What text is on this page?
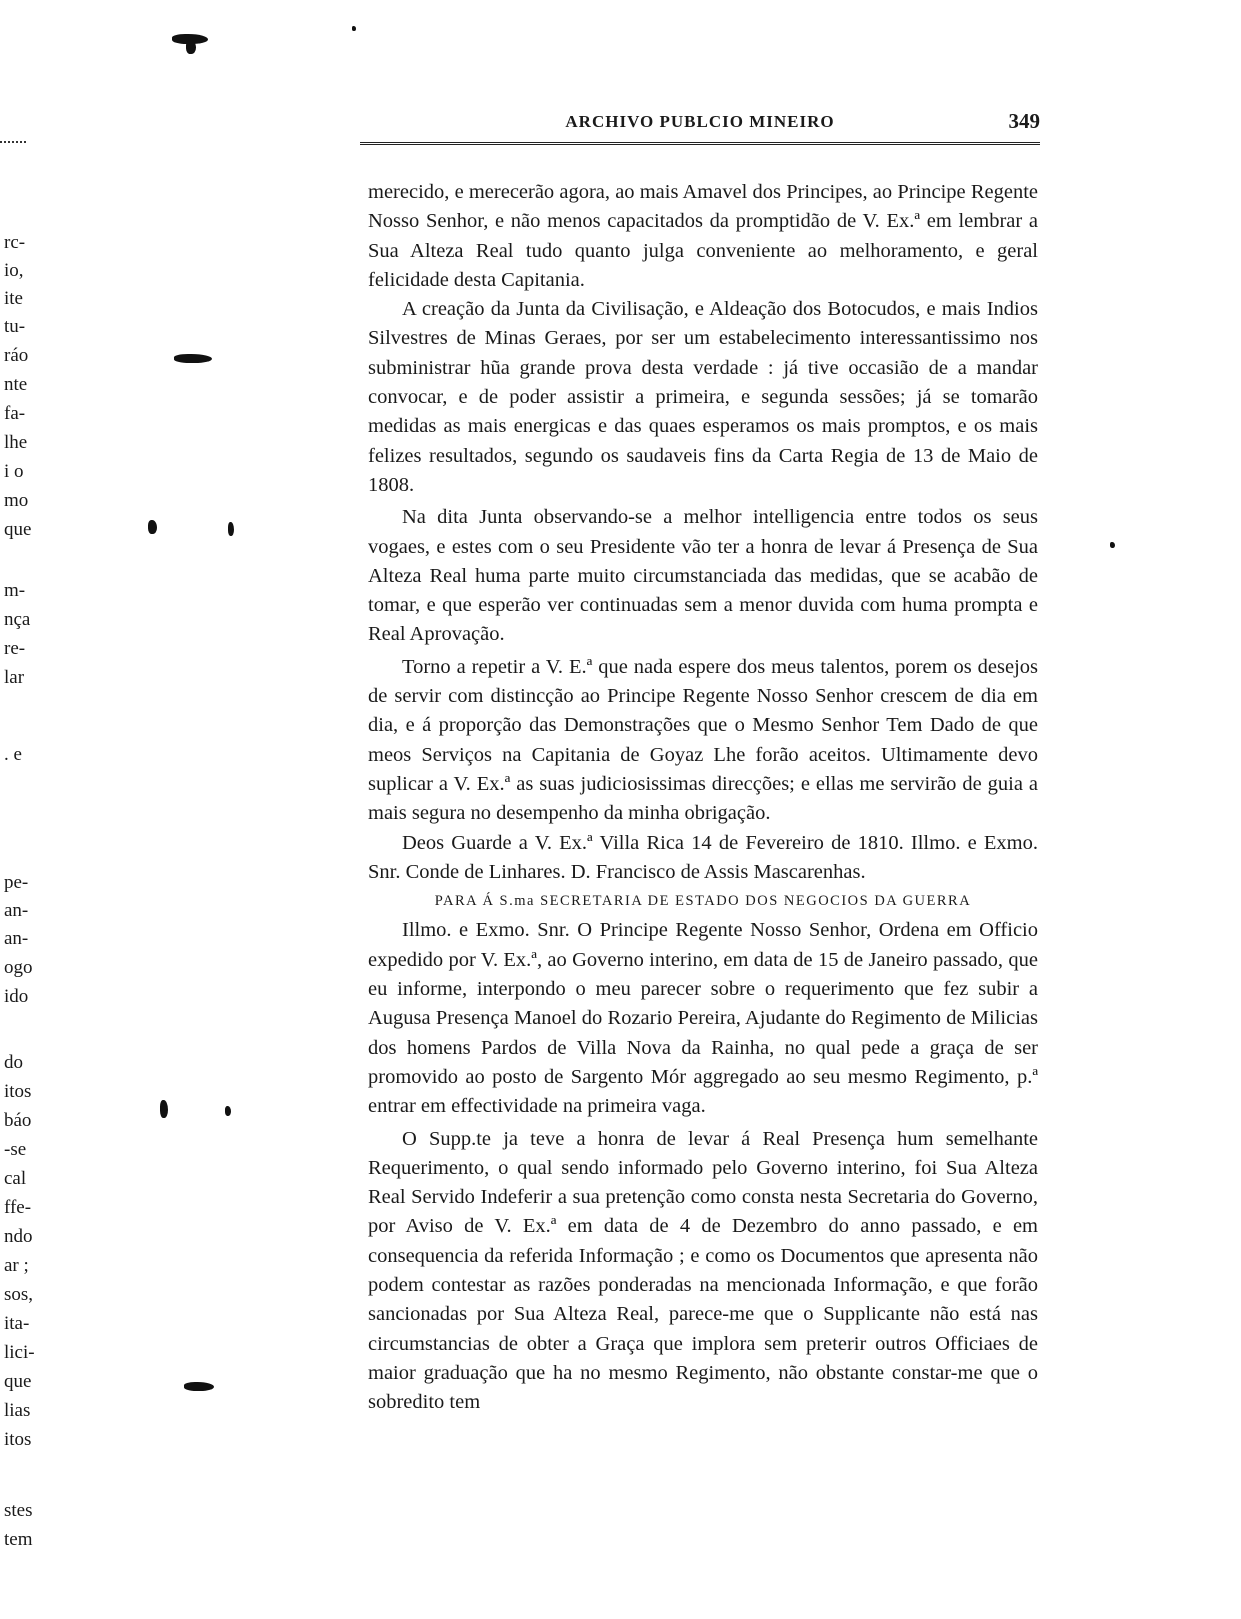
rc-
io,
ite
tu-
ráo
nte
fa-
lhe
i o
mo
que
m-
nça
re-
lar
. e
pe-
an-
an-
ogo
ido
do
itos
báo
-se
cal
ffe-
ndo
ar ;
sos,
ita-
lici-
que
lias
itos
stes
tem
ARCHIVO PUBLCIO MINEIRO	349

merecido, e merecerão agora, ao mais Amavel dos Principes, ao Principe Regente Nosso Senhor, e não menos capacitados da promptidão de V. Ex.ª em lembrar a Sua Alteza Real tudo quanto julga conveniente ao melhoramento, e geral felicidade desta Capitania.

A creação da Junta da Civilisação, e Aldeação dos Botocudos, e mais Indios Silvestres de Minas Geraes, por ser um estabelecimento interessantissimo nos subministrar hũa grande prova desta verdade : já tive occasião de a mandar convocar, e de poder assistir a primeira, e segunda sessões; já se tomarão medidas as mais energicas e das quaes esperamos os mais promptos, e os mais felizes resultados, segundo os saudaveis fins da Carta Regia de 13 de Maio de 1808.

Na dita Junta observando-se a melhor intelligencia entre todos os seus vogaes, e estes com o seu Presidente vão ter a honra de levar á Presença de Sua Alteza Real huma parte muito circumstanciada das medidas, que se acabão de tomar, e que esperão ver continuadas sem a menor duvida com huma prompta e Real Aprovação.

Torno a repetir a V. E.ª que nada espere dos meus talentos, porem os desejos de servir com distincção ao Principe Regente Nosso Senhor crescem de dia em dia, e á proporção das Demonstrações que o Mesmo Senhor Tem Dado de que meos Serviços na Capitania de Goyaz Lhe forão aceitos. Ultimamente devo suplicar a V. Ex.ª as suas judiciosissimas direcções; e ellas me servirão de guia a mais segura no desempenho da minha obrigação.

Deos Guarde a V. Ex.ª Villa Rica 14 de Fevereiro de 1810. Illmo. e Exmo. Snr. Conde de Linhares. D. Francisco de Assis Mascarenhas.

PARA Á S.ma SECRETARIA DE ESTADO DOS NEGOCIOS DA GUERRA

Illmo. e Exmo. Snr. O Principe Regente Nosso Senhor, Ordena em Officio expedido por V. Ex.ª, ao Governo interino, em data de 15 de Janeiro passado, que eu informe, interpondo o meu parecer sobre o requerimento que fez subir a Augusa Presença Manoel do Rozario Pereira, Ajudante do Regimento de Milicias dos homens Pardos de Villa Nova da Rainha, no qual pede a graça de ser promovido ao posto de Sargento Mór aggregado ao seu mesmo Regimento, p.ª entrar em effectividade na primeira vaga.

O Supp.te ja teve a honra de levar á Real Presença hum semelhante Requerimento, o qual sendo informado pelo Governo interino, foi Sua Alteza Real Servido Indeferir a sua pretenção como consta nesta Secretaria do Governo, por Aviso de V. Ex.ª em data de 4 de Dezembro do anno passado, e em consequencia da referida Informação ; e como os Documentos que apresenta não podem contestar as razões ponderadas na mencionada Informação, e que forão sancionadas por Sua Alteza Real, parece-me que o Supplicante não está nas circumstancias de obter a Graça que implora sem preterir outros Officiaes de maior graduação que ha no mesmo Regimento, não obstante constar-me que o sobredito tem
